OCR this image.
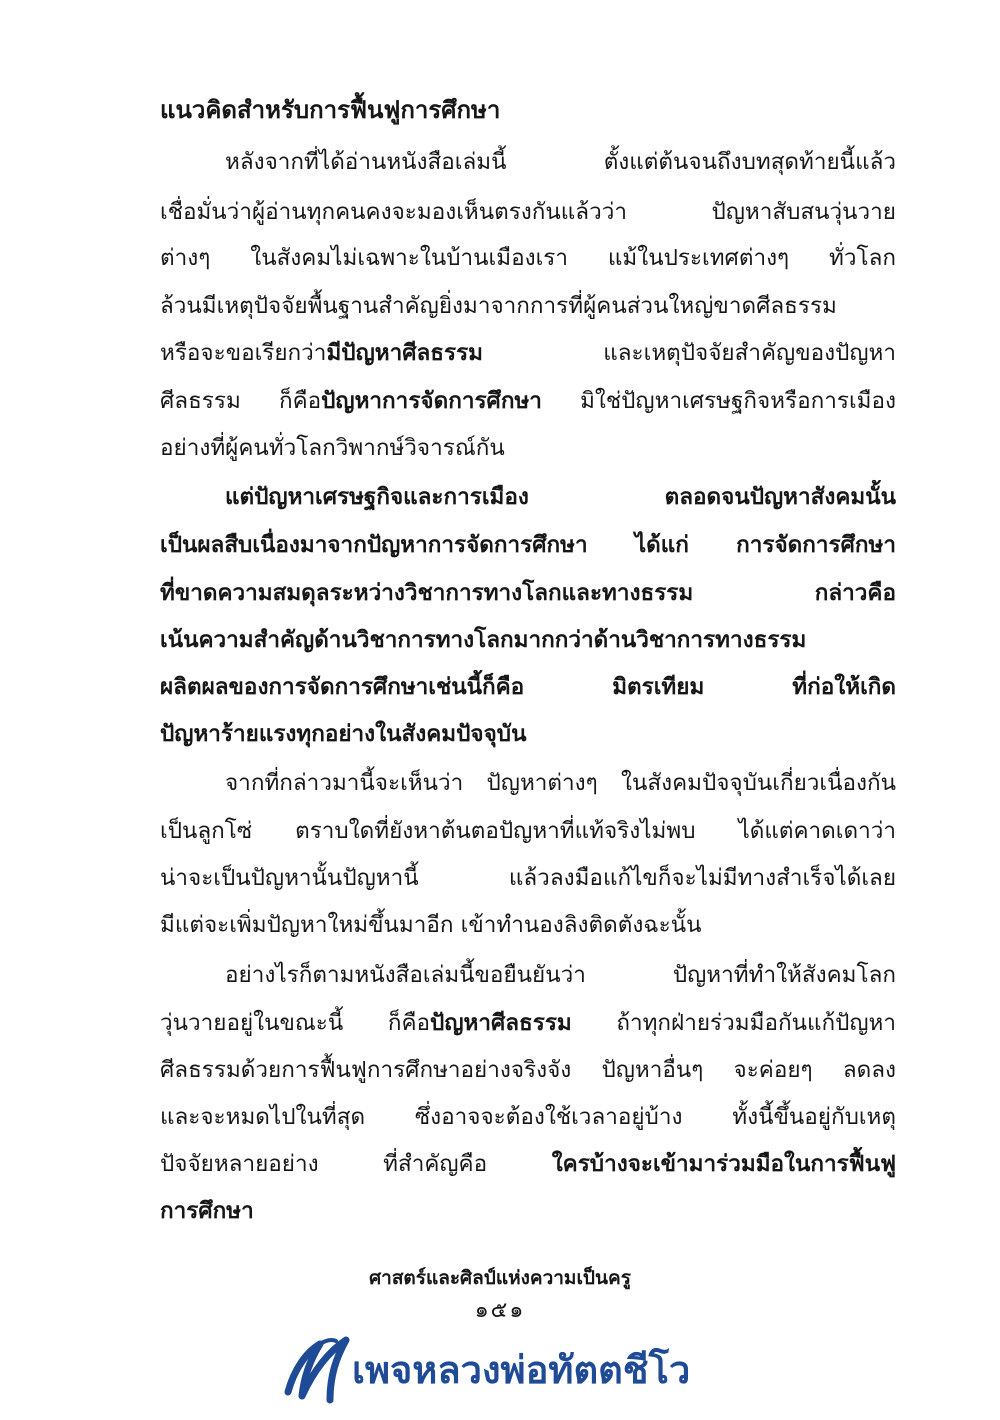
แนวคิดสำหรับการฟื้นฟูการศึกษา
หลังจากที่ได้อ่านหนังสือเล่มนี้ ตั้งแต่ต้นจนถึงบทสุดท้ายนี้แล้ว
เชื่อมั่นว่าผู้อ่านทุกคนคงจะมองเห็นตรงกันแล้วว่า ปัญหาสับสนวุ่นวาย
ต่างๆ ในสังคมไม่เฉพาะในบ้านเมืองเรา แม้ในประเทศต่างๆ ทั่วโลก
ล้วนมีเหตุปัจจัยพื้นฐานสำคัญยิ่งมาจากการที่ผู้คนส่วนใหญ่ขาดศีลธรรม
หรือจะขอเรียกว่ามีปัญหาศีลธรรม และเหตุปัจจัยสำคัญของปัญหา
ศีลธรรม ก็คือปัญหาการจัดการศึกษา มิใช่ปัญหาเศรษฐกิจหรือการเมือง
อย่างที่ผู้คนทั่วโลกวิพากษ์วิจารณ์กัน
แต่ปัญหาเศรษฐกิจและการเมือง ตลอดจนปัญหาสังคมนั้น
เป็นผลสืบเนื่องมาจากปัญหาการจัดการศึกษา ได้แก่ การจัดการศึกษา
ที่ขาดความสมดุลระหว่างวิชาการทางโลกและทางธรรม กล่าวคือ
เน้นความสำคัญด้านวิชาการทางโลกมากกว่าด้านวิชาการทางธรรม
ผลิตผลของการจัดการศึกษาเช่นนี้ก็คือ มิตรเทียม ที่ก่อให้เกิด
ปัญหาร้ายแรงทุกอย่างในสังคมปัจจุบัน
จากที่กล่าวมานี้จะเห็นว่า ปัญหาต่างๆ ในสังคมปัจจุบันเกี่ยวเนื่องกัน
เป็นลูกโซ่ ตราบใดที่ยังหาต้นตอปัญหาที่แท้จริงไม่พบ ได้แต่คาดเดาว่า
น่าจะเป็นปัญหานั้นปัญหานี้ แล้วลงมือแก้ไขก็จะไม่มีทางสำเร็จได้เลย
มีแต่จะเพิ่มปัญหาใหม่ขึ้นมาอีก เข้าทำนองลิงติดตังฉะนั้น
อย่างไรก็ตามหนังสือเล่มนี้ขอยืนยันว่า ปัญหาที่ทำให้สังคมโลก
วุ่นวายอยู่ในขณะนี้ ก็คือปัญหาศีลธรรม ถ้าทุกฝ่ายร่วมมือกันแก้ปัญหา
ศีลธรรมด้วยการฟื้นฟูการศึกษาอย่างจริงจัง ปัญหาอื่นๆ จะค่อยๆ ลดลง
และจะหมดไปในที่สุด ซึ่งอาจจะต้องใช้เวลาอยู่บ้าง ทั้งนี้ขึ้นอยู่กับเหตุ
ปัจจัยหลายอย่าง ที่สำคัญคือ ใครบ้างจะเข้ามาร่วมมือในการฟื้นฟู
การศึกษา
ศาสตร์และศิลป์แห่งความเป็นครู
๑๕๑
เพจหลวงพ่อทัตตชีโว
